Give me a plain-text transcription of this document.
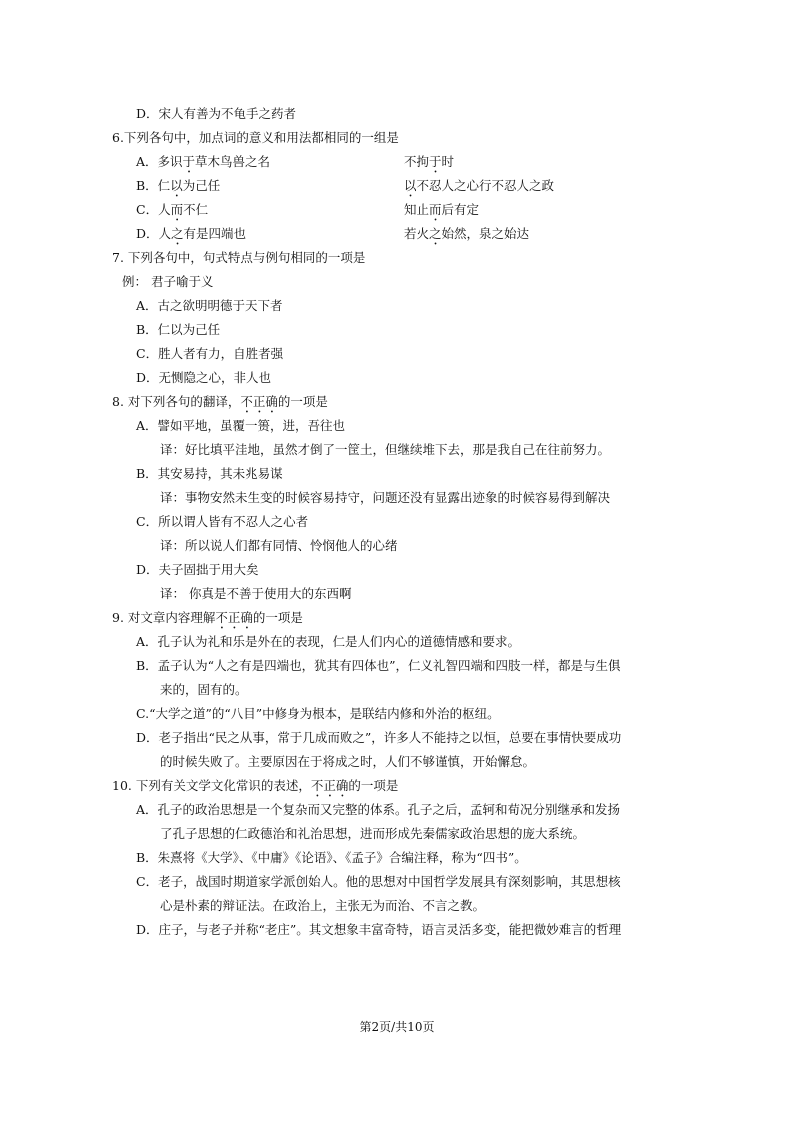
D．宋人有善为不龟手之药者
6.下列各句中，加点词的意义和用法都相同的一组是
A．多识于草木鸟兽之名	不拘于时
B．仁以为己任	以不忍人之心行不忍人之政
C．人而不仁	知止而后有定
D．人之有是四端也	若火之始然，泉之始达
7. 下列各句中，句式特点与例句相同的一项是
例： 君子喻于义
A．古之欲明明德于天下者
B．仁以为己任
C．胜人者有力，自胜者强
D．无恻隐之心，非人也
8. 对下列各句的翻译，不正确的一项是
A．譬如平地，虽覆一篑，进，吾往也
译：好比填平洼地，虽然才倒了一筐土，但继续堆下去，那是我自己在往前努力。
B．其安易持，其未兆易谋
译：事物安然未生变的时候容易持守，问题还没有显露出迹象的时候容易得到解决
C．所以谓人皆有不忍人之心者
译：所以说人们都有同情、怜悯他人的心绪
D．夫子固拙于用大矣
译： 你真是不善于使用大的东西啊
9. 对文章内容理解不正确的一项是
A．孔子认为礼和乐是外在的表现，仁是人们内心的道德情感和要求。
B．孟子认为“人之有是四端也，犹其有四体也”，仁义礼智四端和四肢一样，都是与生俱
来的，固有的。
C.“大学之道”的“八目”中修身为根本，是联结内修和外治的枢纽。
D．老子指出“民之从事，常于几成而败之”，许多人不能持之以恒，总要在事情快要成功
的时候失败了。主要原因在于将成之时，人们不够谨慎，开始懈怠。
10. 下列有关文学文化常识的表述，不正确的一项是
A．孔子的政治思想是一个复杂而又完整的体系。孔子之后，孟轲和荀况分别继承和发扬
了孔子思想的仁政德治和礼治思想，进而形成先秦儒家政治思想的庞大系统。
B．朱熹将《大学》、《中庸》《论语》、《孟子》合编注释，称为“四书”。
C．老子，战国时期道家学派创始人。他的思想对中国哲学发展具有深刻影响，其思想核
心是朴素的辩证法。在政治上，主张无为而治、不言之教。
D．庄子，与老子并称“老庄”。其文想象丰富奇特，语言灵活多变，能把微妙难言的哲理
第2页/共10页
